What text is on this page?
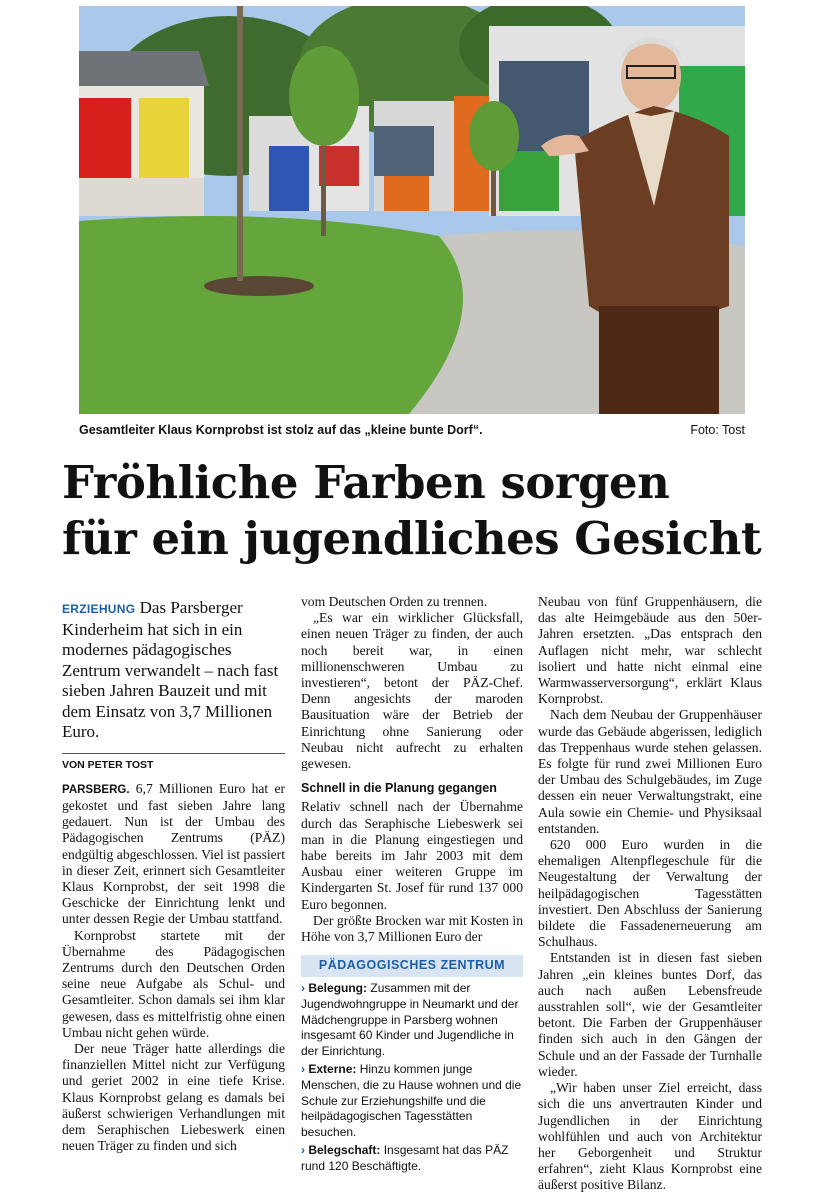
Gesamtleiter Klaus Kornprobst ist stolz auf das „kleine bunte Dorf“.	Foto: Tost
Fröhliche Farben sorgen
für ein jugendliches Gesicht
ERZIEHUNG Das Parsberger Kinderheim hat sich in ein modernes pädagogisches Zentrum verwandelt – nach fast sieben Jahren Bauzeit und mit dem Einsatz von 3,7 Millionen Euro.
VON PETER TOST

PARSBERG. 6,7 Millionen Euro hat er gekostet und fast sieben Jahre lang gedauert. Nun ist der Umbau des Pädagogischen Zentrums (PÄZ) endgültig abgeschlossen. Viel ist passiert in dieser Zeit, erinnert sich Gesamtleiter Klaus Kornprobst, der seit 1998 die Geschicke der Einrichtung lenkt und unter dessen Regie der Umbau stattfand.

Kornprobst startete mit der Übernahme des Pädagogischen Zentrums durch den Deutschen Orden seine neue Aufgabe als Schul- und Gesamtleiter. Schon damals sei ihm klar gewesen, dass es mittelfristig ohne einen Umbau nicht gehen würde.

Der neue Träger hatte allerdings die finanziellen Mittel nicht zur Verfügung und geriet 2002 in eine tiefe Krise. Klaus Kornprobst gelang es damals bei äußerst schwierigen Verhandlungen mit dem Seraphischen Liebeswerk einen neuen Träger zu finden und sich

vom Deutschen Orden zu trennen.

„Es war ein wirklicher Glücksfall, einen neuen Träger zu finden, der auch noch bereit war, in einen millionenschweren Umbau zu investieren“, betont der PÄZ-Chef. Denn angesichts der maroden Bausituation wäre der Betrieb der Einrichtung ohne Sanierung oder Neubau nicht aufrecht zu erhalten gewesen.

Schnell in die Planung gegangen

Relativ schnell nach der Übernahme durch das Seraphische Liebeswerk sei man in die Planung eingestiegen und habe bereits im Jahr 2003 mit dem Ausbau einer weiteren Gruppe im Kindergarten St. Josef für rund 137 000 Euro begonnen.

Der größte Brocken war mit Kosten in Höhe von 3,7 Millionen Euro der

PÄDAGOGISCHES ZENTRUM
› Belegung: Zusammen mit der Jugendwohngruppe in Neumarkt und der Mädchengruppe in Parsberg wohnen insgesamt 60 Kinder und Jugendliche in der Einrichtung.
› Externe: Hinzu kommen junge Menschen, die zu Hause wohnen und die Schule zur Erziehungshilfe und die heilpädagogischen Tagesstätten besuchen.
› Belegschaft: Insgesamt hat das PÄZ rund 120 Beschäftigte.

Neubau von fünf Gruppenhäusern, die das alte Heimgebäude aus den 50er-Jahren ersetzten. „Das entsprach den Auflagen nicht mehr, war schlecht isoliert und hatte nicht einmal eine Warmwasserversorgung“, erklärt Klaus Kornprobst.

Nach dem Neubau der Gruppenhäuser wurde das Gebäude abgerissen, lediglich das Treppenhaus wurde stehen gelassen. Es folgte für rund zwei Millionen Euro der Umbau des Schulgebäudes, im Zuge dessen ein neuer Verwaltungstrakt, eine Aula sowie ein Chemie- und Physiksaal entstanden.

620 000 Euro wurden in die ehemaligen Altenpflegeschule für die Neugestaltung der Verwaltung der heilpädagogischen Tagesstätten investiert. Den Abschluss der Sanierung bildete die Fassadenerneuerung am Schulhaus.

Entstanden ist in diesen fast sieben Jahren „ein kleines buntes Dorf, das auch nach außen Lebensfreude ausstrahlen soll“, wie der Gesamtleiter betont. Die Farben der Gruppenhäuser finden sich auch in den Gängen der Schule und an der Fassade der Turnhalle wieder.

„Wir haben unser Ziel erreicht, dass sich die uns anvertrauten Kinder und Jugendlichen in der Einrichtung wohlfühlen und auch von Architektur her Geborgenheit und Struktur erfahren“, zieht Klaus Kornprobst eine äußerst positive Bilanz.
